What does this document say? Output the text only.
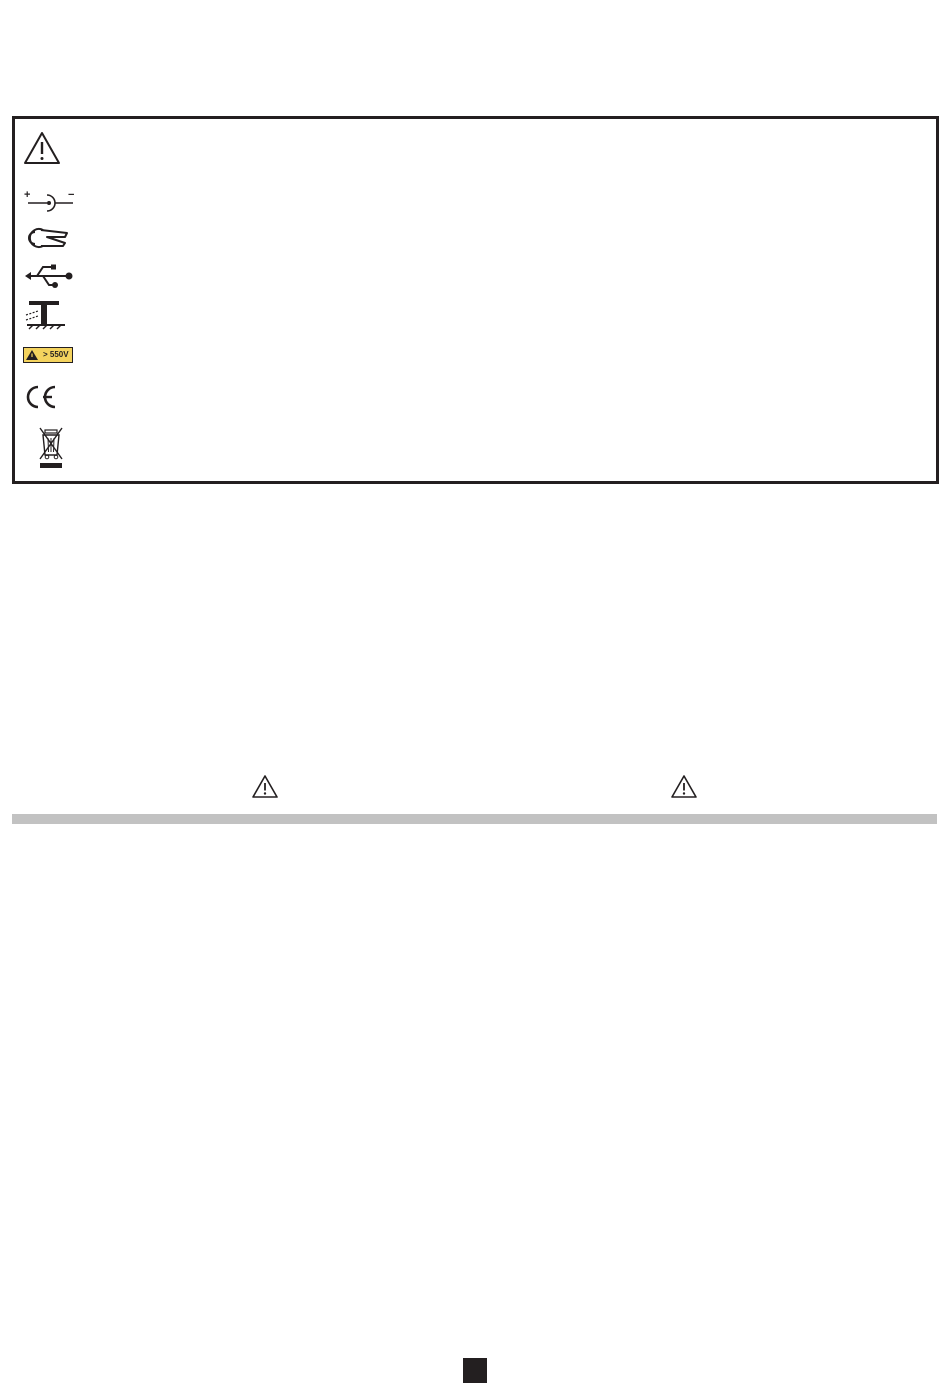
+	−
> 550V
